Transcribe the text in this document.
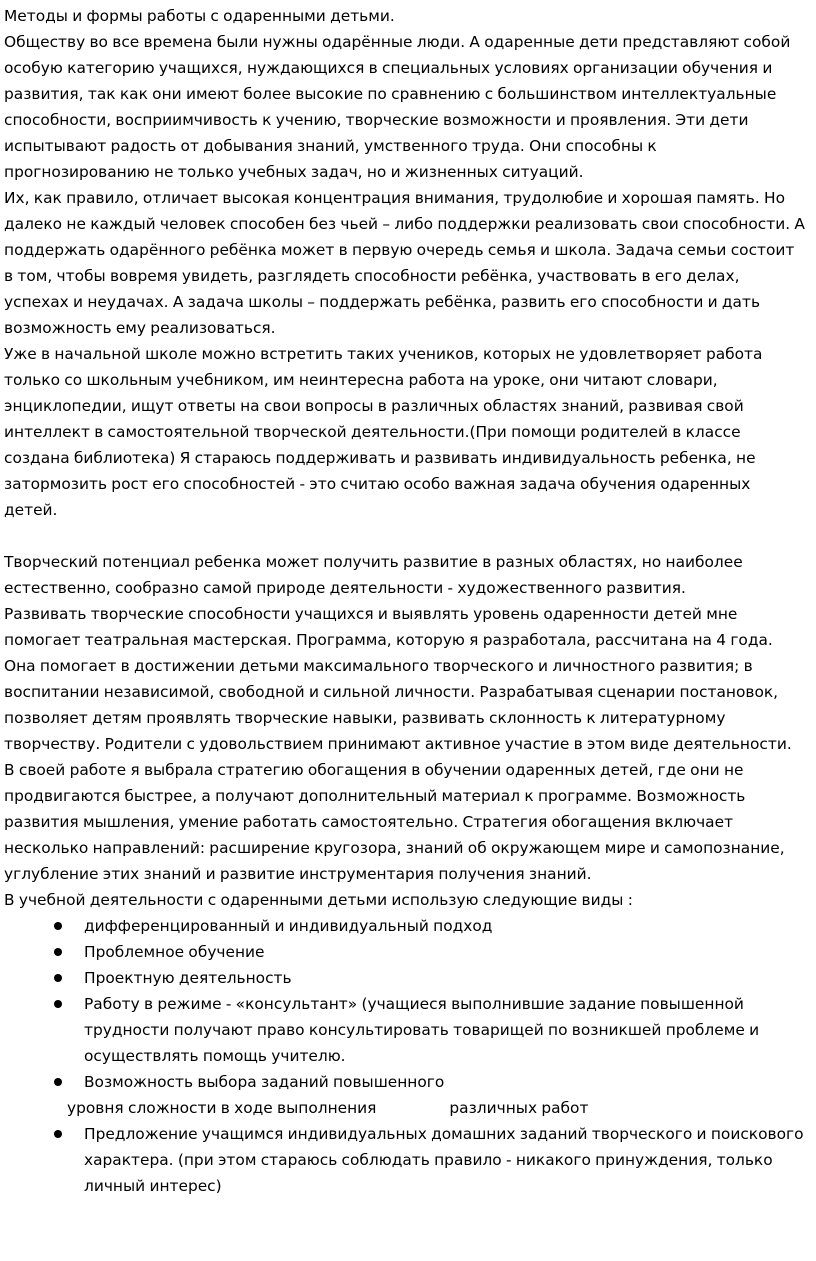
Методы и формы работы с одаренными детьми.

Обществу во все времена были нужны одарённые люди. А одаренные дети представляют собой особую категорию учащихся, нуждающихся в специальных условиях организации обучения и развития, так как они имеют более высокие по сравнению с большинством интеллектуальные способности, восприимчивость к учению, творческие возможности и проявления. Эти дети испытывают радость от добывания знаний, умственного труда. Они способны к прогнозированию не только учебных задач, но и жизненных ситуаций.

Их, как правило, отличает высокая концентрация внимания, трудолюбие и хорошая память. Но далеко не каждый человек способен без чьей – либо поддержки реализовать свои способности. А поддержать одарённого ребёнка может в первую очередь семья и школа. Задача семьи состоит в том, чтобы вовремя увидеть, разглядеть способности ребёнка, участвовать в его делах, успехах и неудачах. А задача школы – поддержать ребёнка, развить его способности и дать возможность ему реализоваться.

Уже в начальной школе можно встретить таких учеников, которых не удовлетворяет работа только со школьным учебником, им неинтересна работа на уроке, они читают словари, энциклопедии, ищут ответы на свои вопросы в различных областях знаний, развивая свой интеллект в самостоятельной творческой деятельности.(При помощи родителей в классе создана библиотека) Я стараюсь поддерживать и развивать индивидуальность ребенка, не затормозить рост его способностей - это считаю особо важная задача обучения одаренных детей.

Творческий потенциал ребенка может получить развитие в разных областях, но наиболее естественно, сообразно самой природе деятельности - художественного развития.

Развивать творческие способности учащихся и выявлять уровень одаренности детей мне помогает театральная мастерская. Программа, которую я разработала, рассчитана на 4 года.

Она помогает в достижении детьми максимального творческого и личностного развития; в воспитании независимой, свободной и сильной личности. Разрабатывая сценарии постановок, позволяет детям проявлять творческие навыки, развивать склонность к литературному творчеству. Родители с удовольствием принимают активное участие в этом виде деятельности.

В своей работе я выбрала стратегию обогащения в обучении одаренных детей, где они не продвигаются быстрее, а получают дополнительный материал к программе. Возможность развития мышления, умение работать самостоятельно. Стратегия обогащения включает несколько направлений: расширение кругозора, знаний об окружающем мире и самопознание, углубление этих знаний и развитие инструментария получения знаний.

В учебной деятельности с одаренными детьми использую следующие виды :

дифференцированный и индивидуальный подход
Проблемное обучение
Проектную деятельность
Работу в режиме - «консультант» (учащиеся выполнившие задание повышенной трудности получают право консультировать товарищей по возникшей проблеме и осуществлять помощь учителю.
Возможность выбора заданий повышенного
уровня сложности в ходе выполнения                 различных работ
Предложение учащимся индивидуальных домашних заданий творческого и поискового характера. (при этом стараюсь соблюдать правило - никакого принуждения, только личный интерес)
